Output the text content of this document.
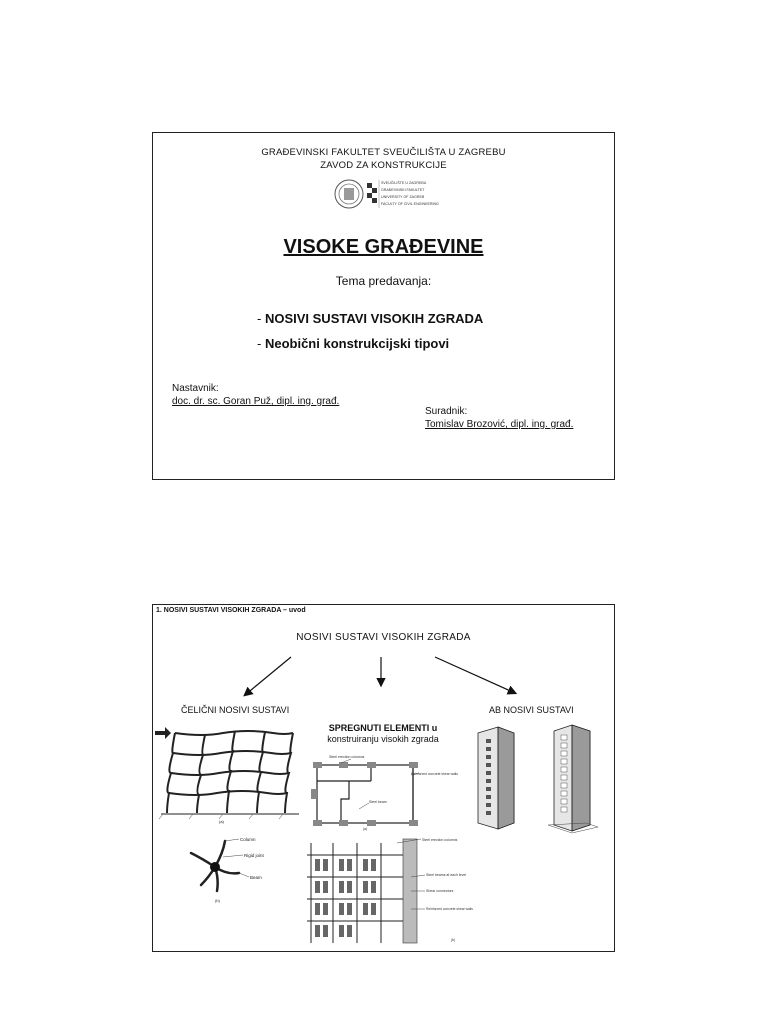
GRAĐEVINSKI FAKULTET SVEUČILIŠTA U ZAGREBU
ZAVOD ZA KONSTRUKCIJE
SVEUČILIŠTE U ZAGREBU
GRAĐEVINSKI FAKULTET
UNIVERSITY OF ZAGREB
FACULTY OF CIVIL ENGINEERING
VISOKE GRAĐEVINE
Tema predavanja:
- NOSIVI SUSTAVI VISOKIH ZGRADA
- Neobični konstrukcijski tipovi
Nastavnik:
doc. dr. sc. Goran Puž, dipl. ing. građ.
Suradnik:
Tomislav Brozović, dipl. ing. građ.
1. NOSIVI SUSTAVI VISOKIH ZGRADA – uvod
NOSIVI SUSTAVI VISOKIH ZGRADA
ČELIČNI NOSIVI SUSTAVI
SPREGNUTI ELEMENTI u
konstruiranju visokih zgrada
AB NOSIVI SUSTAVI
(a)
Column
Rigid joint
Beam
(b)
Steel erection columns
Reinforced concrete shear walls
Steel beam
(a)
Steel erection columns
Steel beams at each level
Shear connectors
Reinforced concrete shear walls
(b)
